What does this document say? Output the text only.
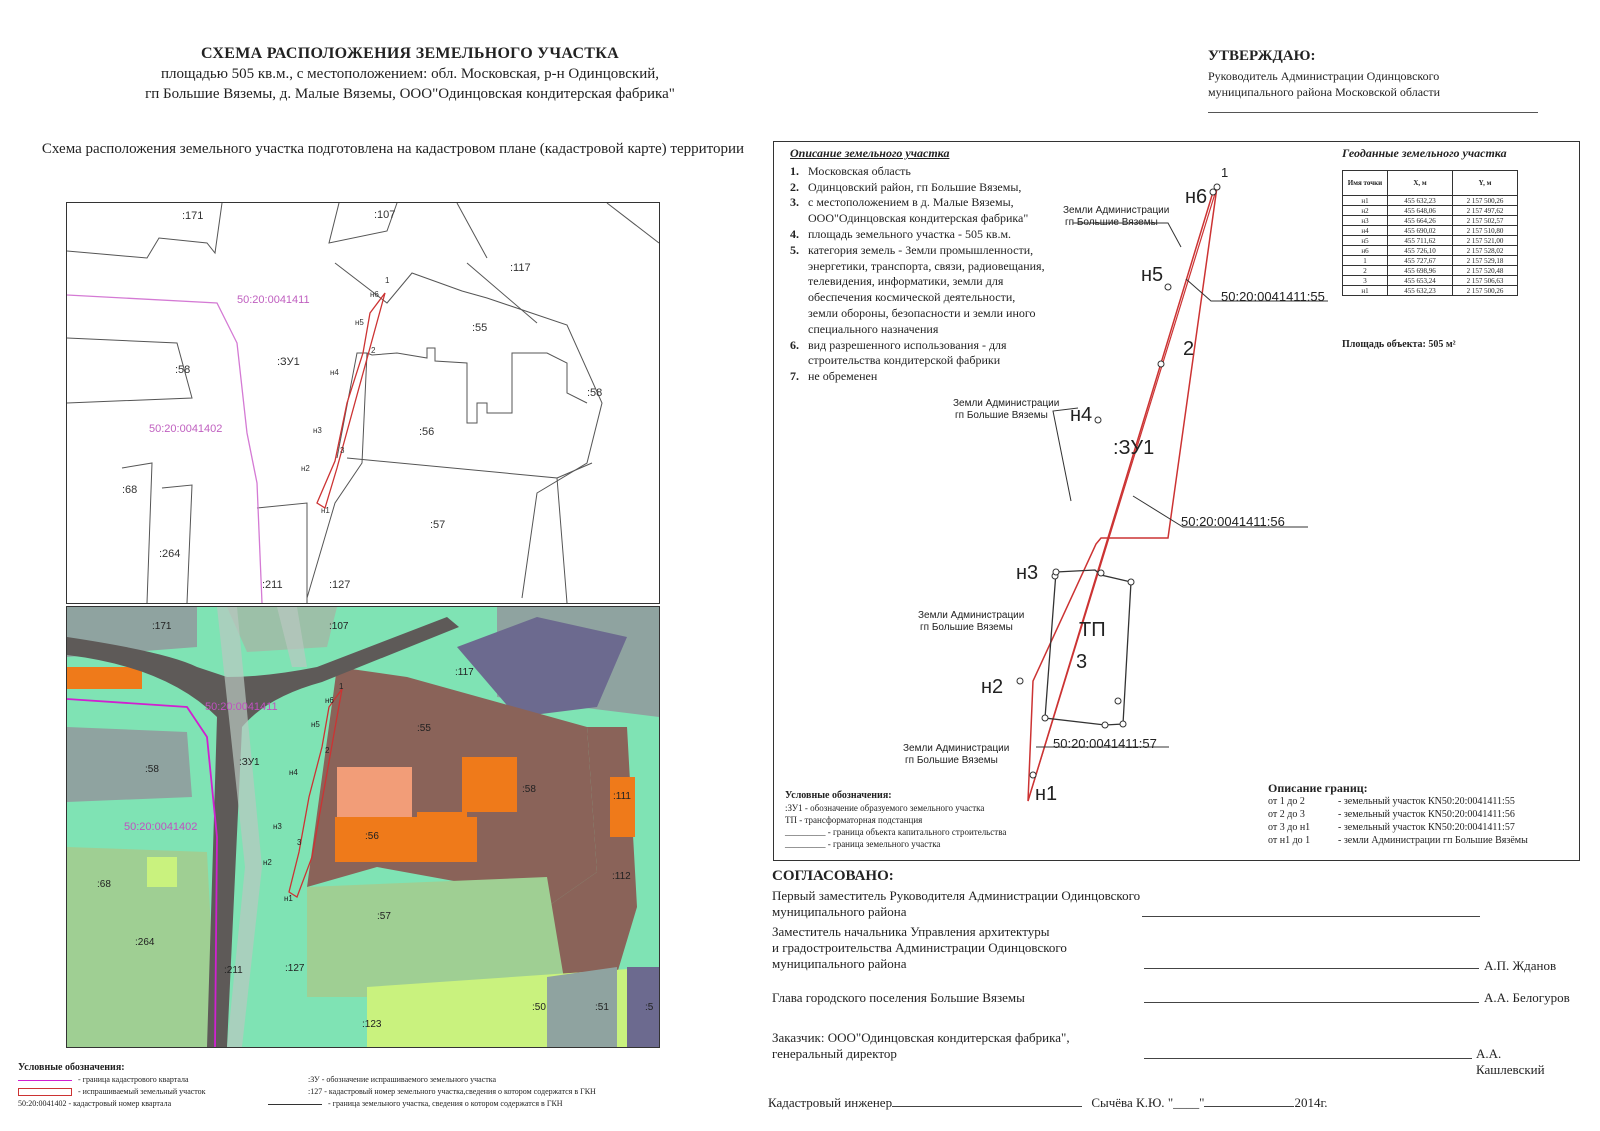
СХЕМА РАСПОЛОЖЕНИЯ ЗЕМЕЛЬНОГО УЧАСТКА
площадью 505 кв.м., с местоположением: обл. Московская, р-н Одинцовский,
гп Большие Вяземы, д. Малые Вяземы, ООО"Одинцовская кондитерская фабрика"
Схема расположения земельного участка подготовлена на кадастровом плане (кадастровой карте) территории
УТВЕРЖДАЮ:
Руководитель Администрации Одинцовского
муниципального района Московской области
:171	:107
:117
:55
:58
:58
:56
:68
:264
:57
:211	:127
:ЗУ1
50:20:0041411
50:20:0041402
1
н6
н5
2
н4
н3
3
н2
н1
:171	:107
:117
:55
:58
:58
:56
:68
:264
:57
:211	:127
:111
:112
:123
:50	:51	:5
:ЗУ1
50:20:0041411
50:20:0041402
1
н6
н5
2
н4
н3
3
н2
н1
Описание земельного участка
1. Московская область
2. Одинцовский район, гп Большие Вяземы,
3. с местоположением в д. Малые Вяземы,
ООО"Одинцовская кондитерская фабрика"
4. площадь земельного участка - 505 кв.м.
5. категория земель - Земли промышленности,
энергетики, транспорта, связи, радиовещания,
телевидения, информатики, земли для
обеспечения космической деятельности,
земли обороны, безопасности и земли иного
специального назначения
6. вид разрешенного использования - для
строительства кондитерской фабрики
7. не обременен
Геоданные земельного участка
Имя точки	X, м	Y, м
н1	455 632,23	2 157 500,26
н2	455 648,06	2 157 497,62
н3	455 664,26	2 157 502,57
н4	455 690,02	2 157 510,80
н5	455 711,62	2 157 521,00
н6	455 726,10	2 157 528,02
1	455 727,67	2 157 529,18
2	455 698,96	2 157 520,48
3	455 653,24	2 157 506,63
н1	455 632,23	2 157 500,26
Площадь объекта: 505 м²
1
н6
н5
2
н4
:ЗУ1
н3
ТП
3
н2
н1
Земли Администрации
гп Большие Вяземы
Земли Администрации
гп Большие Вяземы
Земли Администрации
гп Большие Вяземы
Земли Администрации
гп Большие Вяземы
50:20:0041411:55
50:20:0041411:56
50:20:0041411:57
Условные обозначения:
:ЗУ1 - обозначение образуемого земельного участка
ТП - трансформаторная подстанция
_________ - граница объекта капитального строительства
_________ - граница земельного участка
Описание границ:
от 1 до 2	- земельный участок КN50:20:0041411:55
от 2 до 3	- земельный участок КN50:20:0041411:56
от 3 до н1	- земельный участок КN50:20:0041411:57
от н1 до 1	- земли Администрации гп Большие Вязёмы
СОГЛАСОВАНО:
Первый заместитель Руководителя Администрации Одинцовского
муниципального района
Заместитель начальника Управления архитектуры
и градостроительства Администрации Одинцовского
муниципального района	А.П. Жданов
Глава городского поселения Большие Вяземы	А.А. Белогуров
Заказчик: ООО"Одинцовская кондитерская фабрика",
генеральный директор	А.А. Кашлевский
Условные обозначения:
- граница кадастрового квартала
- испрашиваемый земельный участок
50:20:0041402 - кадастровый номер квартала
:ЗУ - обозначение испрашиваемого земельного участка
:127 - кадастровый номер земельного участка,сведения о котором содержатся в ГКН
- граница земельного участка, сведения о котором содержатся в ГКН	Кадастровый инженер	Сычёва К.Ю. "____"	2014г.
